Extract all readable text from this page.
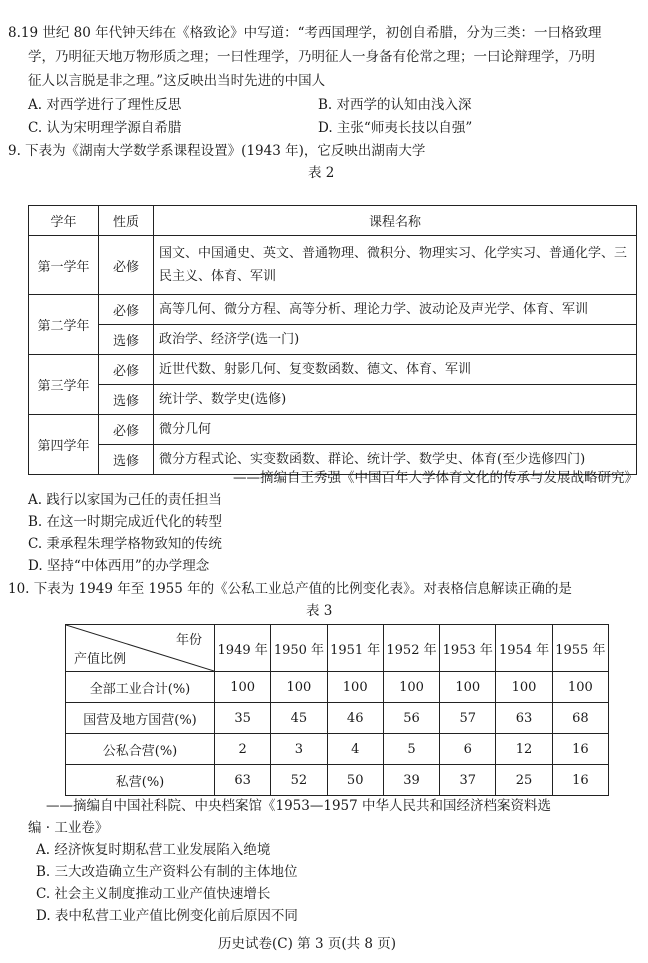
8.19 世纪 80 年代钟天纬在《格致论》中写道：“考西国理学，初创自希腊，分为三类：一曰格致理
学，乃明征天地万物形质之理；一曰性理学，乃明征人一身备有伦常之理；一曰论辩理学，乃明
征人以言脱是非之理。”这反映出当时先进的中国人
A. 对西学进行了理性反思	B. 对西学的认知由浅入深
C. 认为宋明理学源自希腊	D. 主张“师夷长技以自强”
9. 下表为《湖南大学数学系课程设置》(1943 年)，它反映出湖南大学
表 2
学年	性质	课程名称
第一学年	必修	国文、中国通史、英文、普通物理、微积分、物理实习、化学实习、普通化学、三民主义、体育、军训
第二学年	必修	高等几何、微分方程、高等分析、理论力学、波动论及声光学、体育、军训
	选修	政治学、经济学(选一门)
第三学年	必修	近世代数、射影几何、复变数函数、德文、体育、军训
	选修	统计学、数学史(选修)
第四学年	必修	微分几何
	选修	微分方程式论、实变数函数、群论、统计学、数学史、体育(至少选修四门)
——摘编自王秀强《中国百年大学体育文化的传承与发展战略研究》
A. 践行以家国为己任的责任担当
B. 在这一时期完成近代化的转型
C. 秉承程朱理学格物致知的传统
D. 坚持“中体西用”的办学理念
10. 下表为 1949 年至 1955 年的《公私工业总产值的比例变化表》。对表格信息解读正确的是
表 3
年份
产值比例	1949 年	1950 年	1951 年	1952 年	1953 年	1954 年	1955 年
全部工业合计(%)	100	100	100	100	100	100	100
国营及地方国营(%)	35	45	46	56	57	63	68
公私合营(%)	2	3	4	5	6	12	16
私营(%)	63	52	50	39	37	25	16
——摘编自中国社科院、中央档案馆《1953—1957 中华人民共和国经济档案资料选
编 · 工业卷》
A. 经济恢复时期私营工业发展陷入绝境
B. 三大改造确立生产资料公有制的主体地位
C. 社会主义制度推动工业产值快速增长
D. 表中私营工业产值比例变化前后原因不同
历史试卷(C) 第 3 页(共 8 页)
